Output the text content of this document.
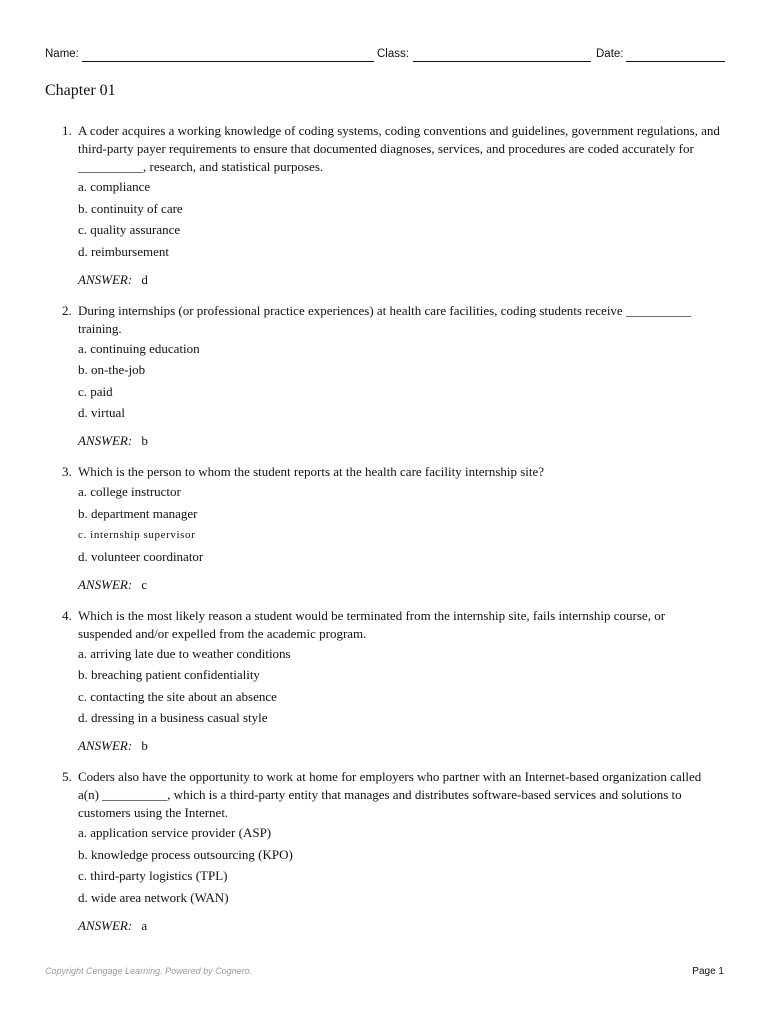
Name:	Class:	Date:
Chapter 01
1. A coder acquires a working knowledge of coding systems, coding conventions and guidelines, government regulations, and third-party payer requirements to ensure that documented diagnoses, services, and procedures are coded accurately for __________, research, and statistical purposes.
a. compliance
b. continuity of care
c. quality assurance
d. reimbursement
ANSWER: d
2. During internships (or professional practice experiences) at health care facilities, coding students receive __________ training.
a. continuing education
b. on-the-job
c. paid
d. virtual
ANSWER: b
3. Which is the person to whom the student reports at the health care facility internship site?
a. college instructor
b. department manager
c. internship supervisor
d. volunteer coordinator
ANSWER: c
4. Which is the most likely reason a student would be terminated from the internship site, fails internship course, or suspended and/or expelled from the academic program.
a. arriving late due to weather conditions
b. breaching patient confidentiality
c. contacting the site about an absence
d. dressing in a business casual style
ANSWER: b
5. Coders also have the opportunity to work at home for employers who partner with an Internet-based organization called a(n) __________, which is a third-party entity that manages and distributes software-based services and solutions to customers using the Internet.
a. application service provider (ASP)
b. knowledge process outsourcing (KPO)
c. third-party logistics (TPL)
d. wide area network (WAN)
ANSWER: a
Copyright Cengage Learning. Powered by Cognero.	Page 1
